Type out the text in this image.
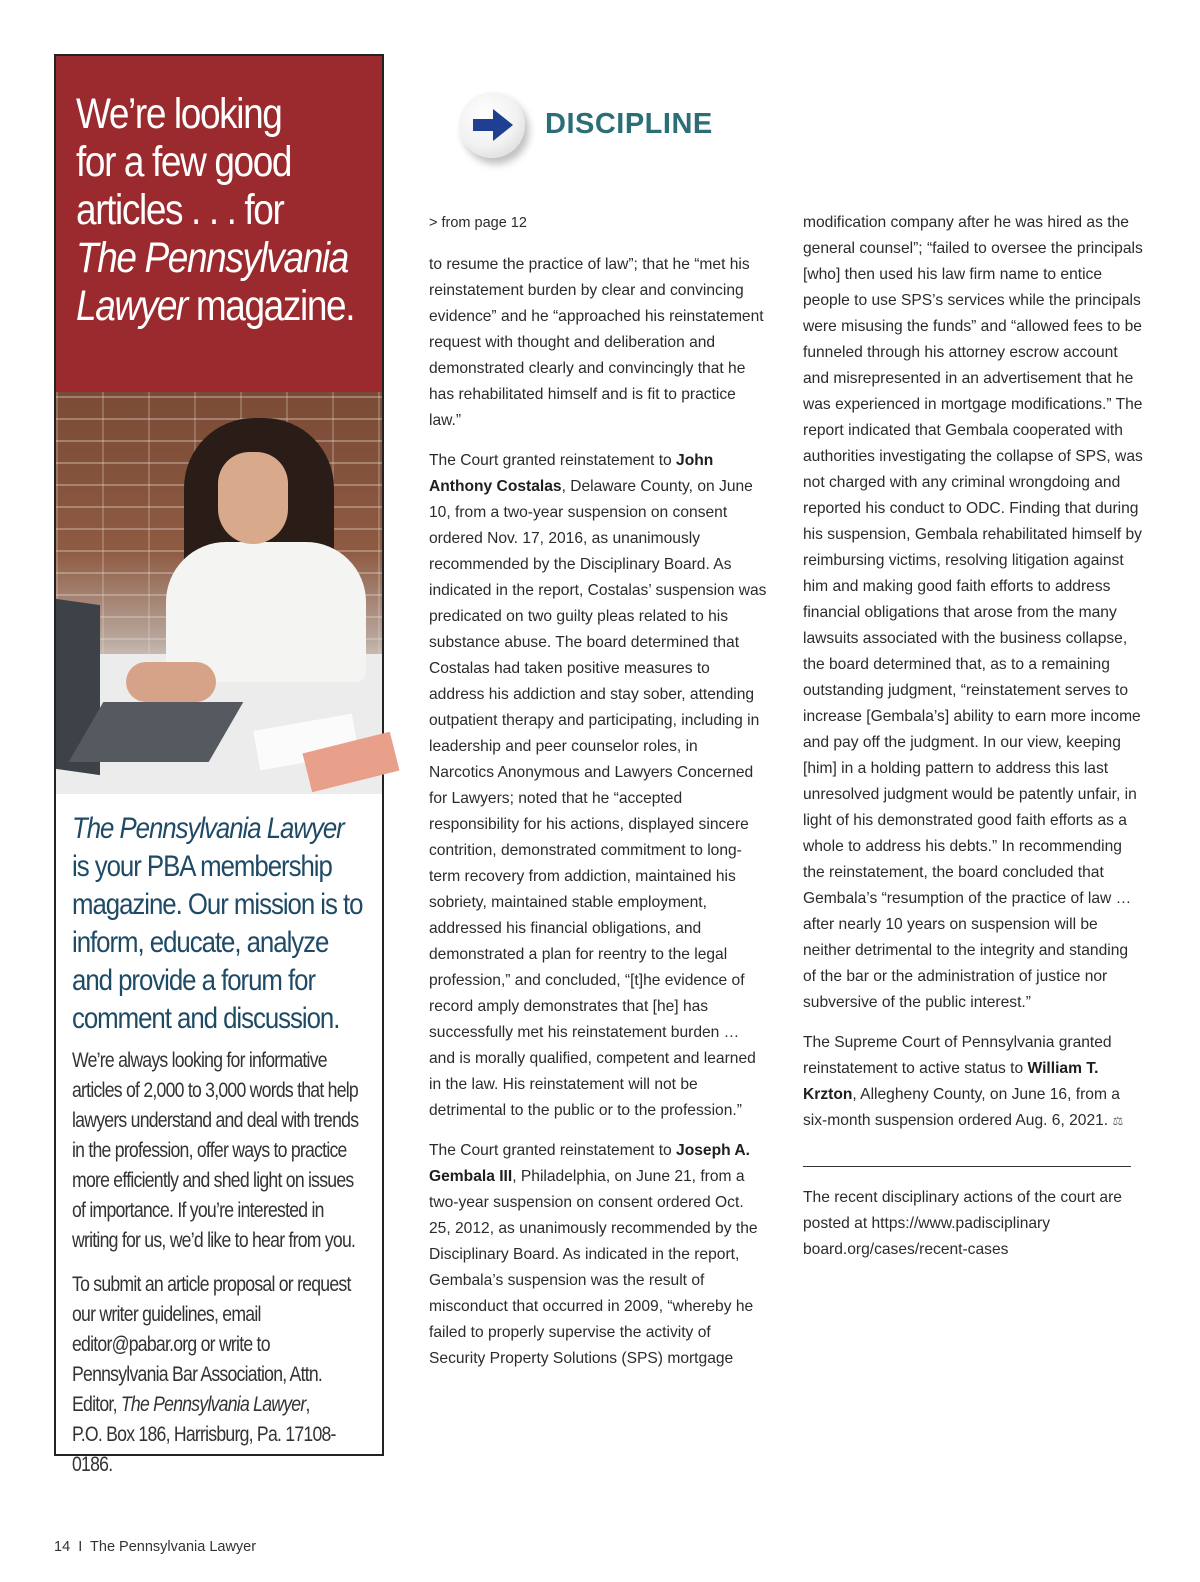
We’re looking
for a few good
articles . . . for
The Pennsylvania
Lawyer magazine.
The Pennsylvania Lawyer
is your PBA membership magazine. Our mission is to inform, educate, analyze and provide a forum for comment and discussion.

We’re always looking for informative articles of 2,000 to 3,000 words that help lawyers understand and deal with trends in the profession, offer ways to practice more efficiently and shed light on issues of importance. If you’re interested in writing for us, we’d like to hear from you.

To submit an article proposal or request our writer guidelines, email editor@pabar.org or write to Pennsylvania Bar Association, Attn. Editor, The Pennsylvania Lawyer,
P.O. Box 186, Harrisburg, Pa. 17108-0186.

DISCIPLINE

> from page 12

to resume the practice of law”; that he “met his reinstatement burden by clear and convincing evidence” and he “approached his reinstatement request with thought and deliberation and demonstrated clearly and convincingly that he has rehabilitated himself and is fit to practice law.”

The Court granted reinstatement to John Anthony Costalas, Delaware County, on June 10, from a two-year suspension on consent ordered Nov. 17, 2016, as unanimously recommended by the Disciplinary Board. As indicated in the report, Costalas’ suspension was predicated on two guilty pleas related to his substance abuse. The board determined that Costalas had taken positive measures to address his addiction and stay sober, attending outpatient therapy and participating, including in leadership and peer counselor roles, in Narcotics Anonymous and Lawyers Concerned for Lawyers; noted that he “accepted responsibility for his actions, displayed sincere contrition, demonstrated commitment to long-term recovery from addiction, maintained his sobriety, maintained stable employment, addressed his financial obligations, and demonstrated a plan for reentry to the legal profession,” and concluded, “[t]he evidence of record amply demonstrates that [he] has successfully met his reinstatement burden … and is morally qualified, competent and learned in the law. His reinstatement will not be detrimental to the public or to the profession.”

The Court granted reinstatement to Joseph A. Gembala III, Philadelphia, on June 21, from a two-year suspension on consent ordered Oct. 25, 2012, as unanimously recommended by the Disciplinary Board. As indicated in the report, Gembala’s suspension was the result of misconduct that occurred in 2009, “whereby he failed to properly supervise the activity of Security Property Solutions (SPS) mortgage

modification company after he was hired as the general counsel”; “failed to oversee the principals [who] then used his law firm name to entice people to use SPS’s services while the principals were misusing the funds” and “allowed fees to be funneled through his attorney escrow account and misrepresented in an advertisement that he was experienced in mortgage modifications.” The report indicated that Gembala cooperated with authorities investigating the collapse of SPS, was not charged with any criminal wrongdoing and reported his conduct to ODC. Finding that during his suspension, Gembala rehabilitated himself by reimbursing victims, resolving litigation against him and making good faith efforts to address financial obligations that arose from the many lawsuits associated with the business collapse, the board determined that, as to a remaining outstanding judgment, “reinstatement serves to increase [Gembala’s] ability to earn more income and pay off the judgment. In our view, keeping [him] in a holding pattern to address this last unresolved judgment would be patently unfair, in light of his demonstrated good faith efforts as a whole to address his debts.” In recommending the reinstatement, the board concluded that Gembala’s “resumption of the practice of law … after nearly 10 years on suspension will be neither detrimental to the integrity and standing of the bar or the administration of justice nor subversive of the public interest.”

The Supreme Court of Pennsylvania granted reinstatement to active status to William T. Krzton, Allegheny County, on June 16, from a six-month suspension ordered Aug. 6, 2021. ⚖

The recent disciplinary actions of the court are posted at https://www.padisciplinary board.org/cases/recent-cases

14 I The Pennsylvania Lawyer
